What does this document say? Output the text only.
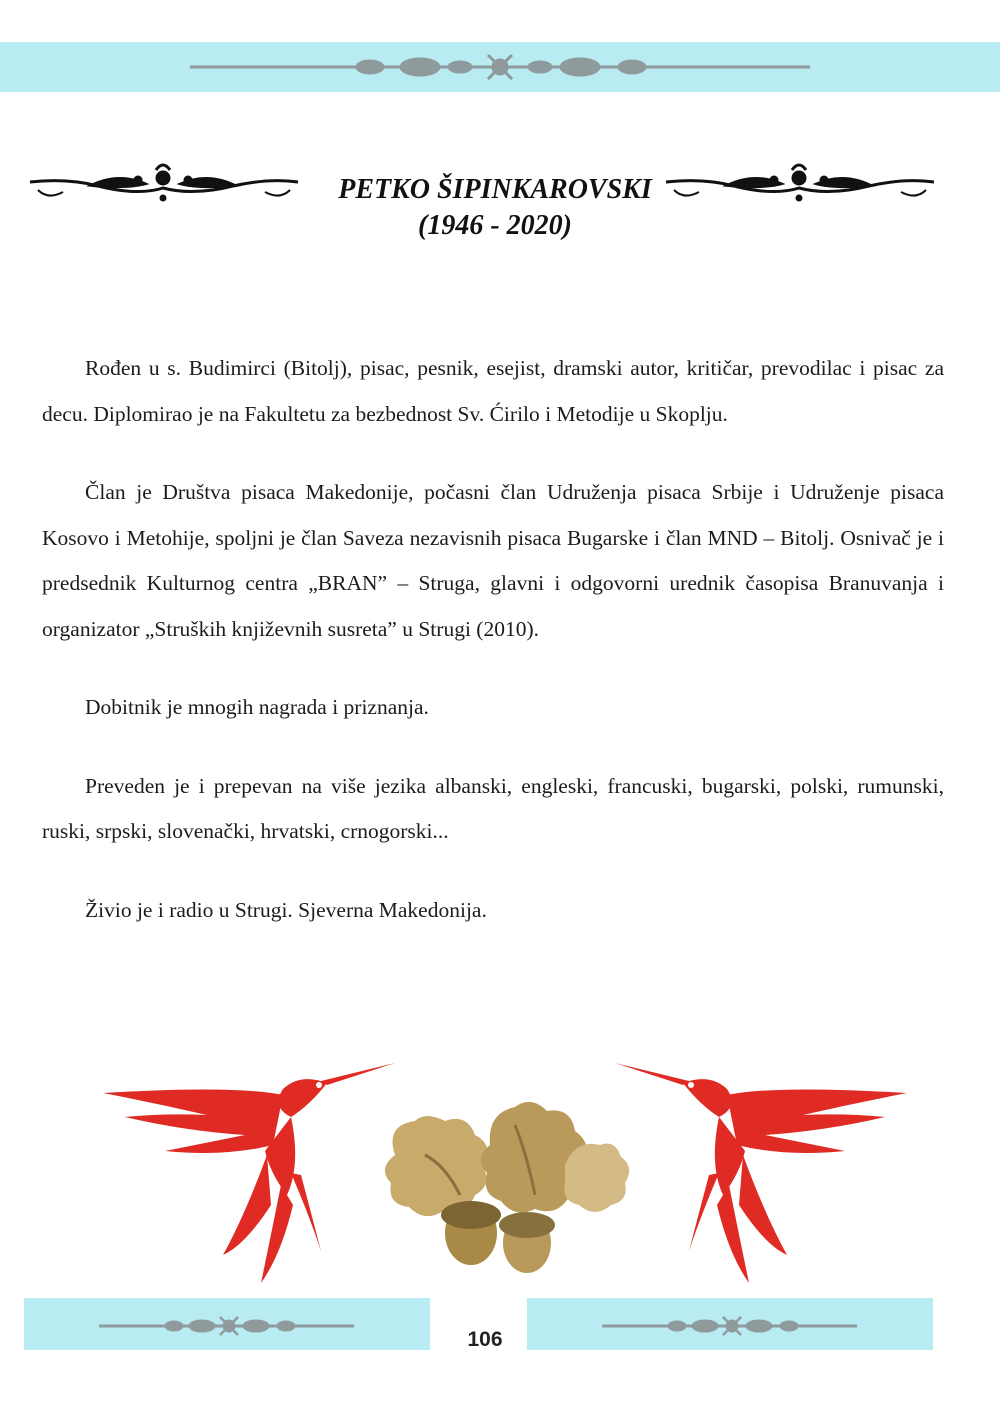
PETKO ŠIPINKAROVSKI
(1946 - 2020)

Rođen u s. Budimirci (Bitolj), pisac, pesnik, esejist, dramski autor, kritičar, prevodilac i pisac za decu. Diplomirao je na Fakultetu za bezbednost Sv. Ćirilo i Metodije u Skoplju.

Član je Društva pisaca Makedonije, počasni član Udruženja pisaca Srbije i Udruženje pisaca Kosovo i Metohije, spoljni je član Saveza nezavisnih pisaca Bugarske i član MND – Bitolj. Osnivač je i predsednik Kulturnog centra „BRAN” – Struga, glavni i odgovorni urednik časopisa Branuvanja i organizator „Struških književnih susreta” u Strugi (2010).

Dobitnik je mnogih nagrada i priznanja.

Preveden je i prepevan na više jezika albanski, engleski, francuski, bugarski, polski, rumunski, ruski, srpski, slovenački, hrvatski, crnogorski...

Živio je i radio u Strugi. Sjeverna Makedonija.

106
